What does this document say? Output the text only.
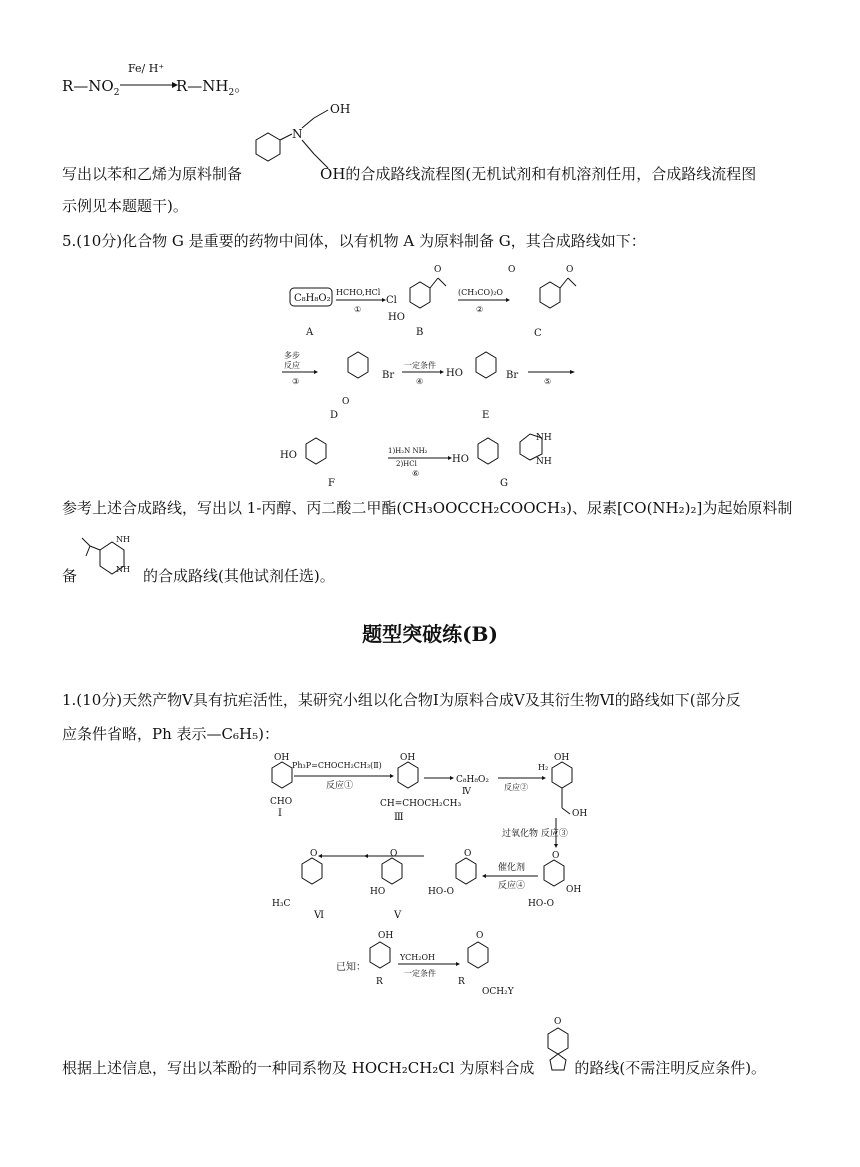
$R—NO_2$
Fe/ H⁺
$R—NH_2$。
N
OH
写出以苯和乙烯为原料制备	OH的合成路线流程图(无机试剂和有机溶剂任用，合成路线流程图
示例见本题题干)。
5.(10分)化合物 G 是重要的药物中间体，以有机物 A 为原料制备 G，其合成路线如下：
C₈H₈O₂
A
HCHO,HCl
①
Cl
O
HO
B
(CH₃CO)₂O
②
O	O
C
多步
反应
③
Br
O
D
一定条件
④
HO	Br
E
⑤
HO
F
1)H₂N NH₂
2)HCl
⑥
HO
NH
NH
G
参考上述合成路线，写出以 1-丙醇、丙二酸二甲酯(CH₃OOCCH₂COOCH₃)、尿素[CO(NH₂)₂]为起始原料制
NH
NH
备	的合成路线(其他试剂任选)。
题型突破练(B)
1.(10分)天然产物Ⅴ具有抗疟活性，某研究小组以化合物Ⅰ为原料合成Ⅴ及其衍生物Ⅵ的路线如下(部分反
应条件省略，Ph 表示—C₆H₅)：
OH
CHO
Ⅰ
Ph₃P=CHOCH₂CH₃(Ⅱ)
反应①
OH
CH=CHOCH₂CH₃
Ⅲ
C₈H₈O₂
Ⅳ
H₂
反应②
OH
OH
过氧化物 反应③
O
OH
HO-O
催化剂
反应④
O
HO-O
O
HO
Ⅴ
O
H₃C
Ⅵ
已知：
OH
R
YCH₂OH
一定条件
O
R
OCH₂Y
O
根据上述信息，写出以苯酚的一种同系物及 HOCH₂CH₂Cl 为原料合成	的路线(不需注明反应条件)。
